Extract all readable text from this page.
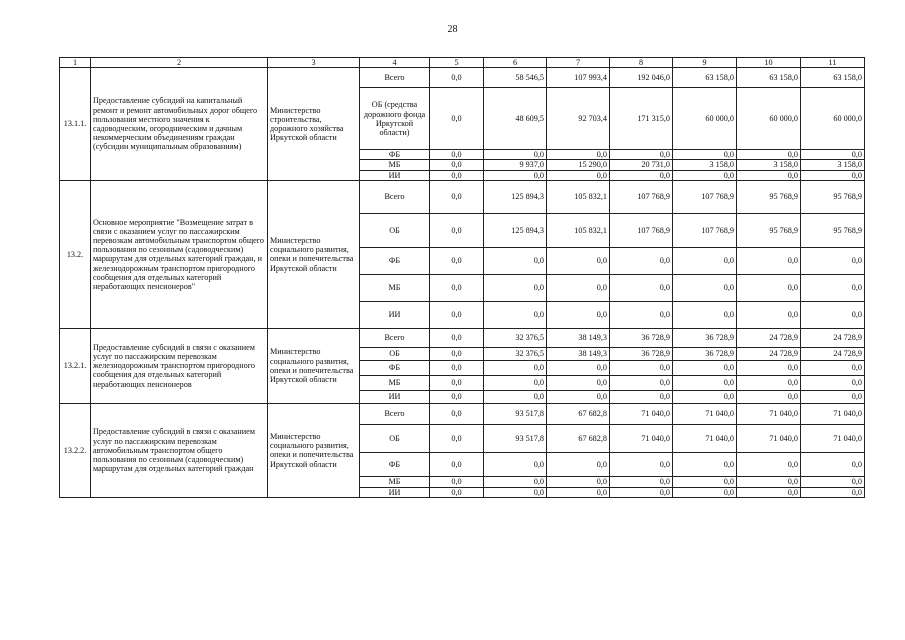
28
1	2	3	4	5	6	7	8	9	10	11
13.1.1.	Предоставление субсидий на капитальный ремонт и ремонт автомобильных дорог общего пользования местного значения к садоводческим, огородническим и дачным некоммерческим объединениям граждан (субсидии муниципальным образованиям)	Министерство строительства, дорожного хозяйства Иркутской области	Всего	0,0	58 546,5	107 993,4	192 046,0	63 158,0	63 158,0	63 158,0
			ОБ (средства дорожного фонда Иркутской области)	0,0	48 609,5	92 703,4	171 315,0	60 000,0	60 000,0	60 000,0
			ФБ	0,0	0,0	0,0	0,0	0,0	0,0	0,0
			МБ	0,0	9 937,0	15 290,0	20 731,0	3 158,0	3 158,0	3 158,0
			ИИ	0,0	0,0	0,0	0,0	0,0	0,0	0,0
13.2.	Основное мероприятие "Возмещение затрат в связи с оказанием услуг по пассажирским перевозкам автомобильным транспортом общего пользования по сезонным (садоводческим) маршрутам для отдельных категорий граждан, и железнодорожным транспортом пригородного сообщения для отдельных категорий неработающих пенсионеров"	Министерство социального развития, опеки и попечительства Иркутской области	Всего	0,0	125 894,3	105 832,1	107 768,9	107 768,9	95 768,9	95 768,9
			ОБ	0,0	125 894,3	105 832,1	107 768,9	107 768,9	95 768,9	95 768,9
			ФБ	0,0	0,0	0,0	0,0	0,0	0,0	0,0
			МБ	0,0	0,0	0,0	0,0	0,0	0,0	0,0
			ИИ	0,0	0,0	0,0	0,0	0,0	0,0	0,0
13.2.1.	Предоставление субсидий в связи с оказанием услуг по пассажирским перевозкам железнодорожным транспортом пригородного сообщения для отдельных категорий неработающих пенсионеров	Министерство социального развития, опеки и попечительства Иркутской области	Всего	0,0	32 376,5	38 149,3	36 728,9	36 728,9	24 728,9	24 728,9
			ОБ	0,0	32 376,5	38 149,3	36 728,9	36 728,9	24 728,9	24 728,9
			ФБ	0,0	0,0	0,0	0,0	0,0	0,0	0,0
			МБ	0,0	0,0	0,0	0,0	0,0	0,0	0,0
			ИИ	0,0	0,0	0,0	0,0	0,0	0,0	0,0
13.2.2.	Предоставление субсидий в связи с оказанием услуг по пассажирским перевозкам автомобильным транспортом общего пользования по сезонным (садоводческим) маршрутам для отдельных категорий граждан	Министерство социального развития, опеки и попечительства Иркутской области	Всего	0,0	93 517,8	67 682,8	71 040,0	71 040,0	71 040,0	71 040,0
			ОБ	0,0	93 517,8	67 682,8	71 040,0	71 040,0	71 040,0	71 040,0
			ФБ	0,0	0,0	0,0	0,0	0,0	0,0	0,0
			МБ	0,0	0,0	0,0	0,0	0,0	0,0	0,0
			ИИ	0,0	0,0	0,0	0,0	0,0	0,0	0,0
